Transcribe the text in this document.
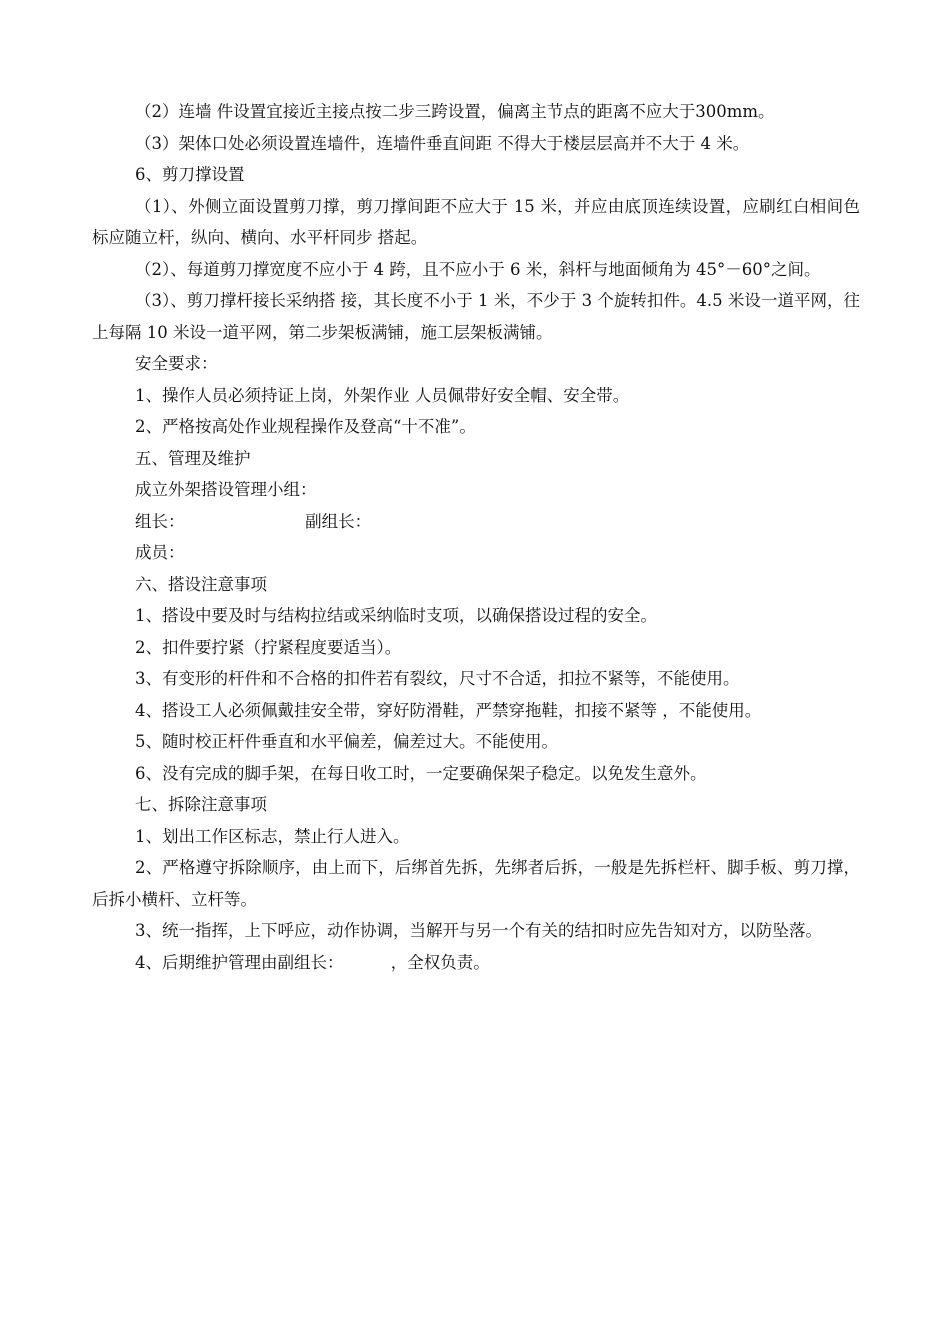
（2）连墙 件设置宜接近主接点按二步三跨设置，偏离主节点的距离不应大于300mm。

（3）架体口处必须设置连墙件，连墙件垂直间距 不得大于楼层层高并不大于 4 米。

6、剪刀撑设置

（1）、外侧立面设置剪刀撑，剪刀撑间距不应大于 15 米，并应由底顶连续设置，应刷红白相间色标应随立杆，纵向、横向、水平杆同步 搭起。

（2）、每道剪刀撑宽度不应小于 4 跨，且不应小于 6 米，斜杆与地面倾角为 45°－60°之间。

（3）、剪刀撑杆接长采纳搭 接，其长度不小于 1 米，不少于 3 个旋转扣件。4.5 米设一道平网，往上每隔 10 米设一道平网，第二步架板满铺，施工层架板满铺。

安全要求：

1、操作人员必须持证上岗，外架作业 人员佩带好安全帽、安全带。

2、严格按高处作业规程操作及登高“十不准”。

五、管理及维护

成立外架搭设管理小组：

组长：                       副组长：

成员：

六、搭设注意事项

1、搭设中要及时与结构拉结或采纳临时支项，以确保搭设过程的安全。

2、扣件要拧紧（拧紧程度要适当）。

3、有变形的杆件和不合格的扣件若有裂纹，尺寸不合适，扣拉不紧等，不能使用。

4、搭设工人必须佩戴挂安全带，穿好防滑鞋，严禁穿拖鞋，扣接不紧等 ，不能使用。

5、随时校正杆件垂直和水平偏差，偏差过大。不能使用。

6、没有完成的脚手架，在每日收工时，一定要确保架子稳定。以免发生意外。

七、拆除注意事项

1、划出工作区标志，禁止行人进入。

2、严格遵守拆除顺序，由上而下，后绑首先拆，先绑者后拆，一般是先拆栏杆、脚手板、剪刀撑，后拆小横杆、立杆等。

3、统一指挥，上下呼应，动作协调，当解开与另一个有关的结扣时应先告知对方，以防坠落。

4、后期维护管理由副组长：         ，全权负责。
